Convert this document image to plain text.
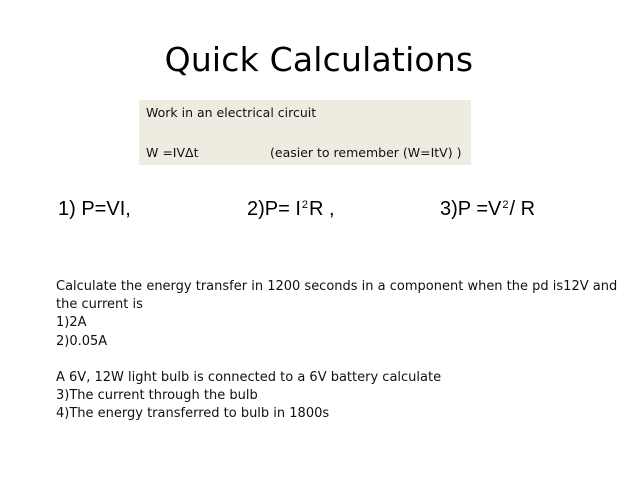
Quick Calculations
Work in an electrical circuit
W =IVΔt	(easier to remember (W=ItV) )
1) P=VI,	$2)P= I^2R$ ,	$3)P =V^2/$ R
Calculate the energy transfer in 1200 seconds in a component when the pd is12V and
the current is
1)2A
2)0.05A
A 6V, 12W light bulb is connected to a 6V battery calculate
3)The current through the bulb
4)The energy transferred to bulb in 1800s
